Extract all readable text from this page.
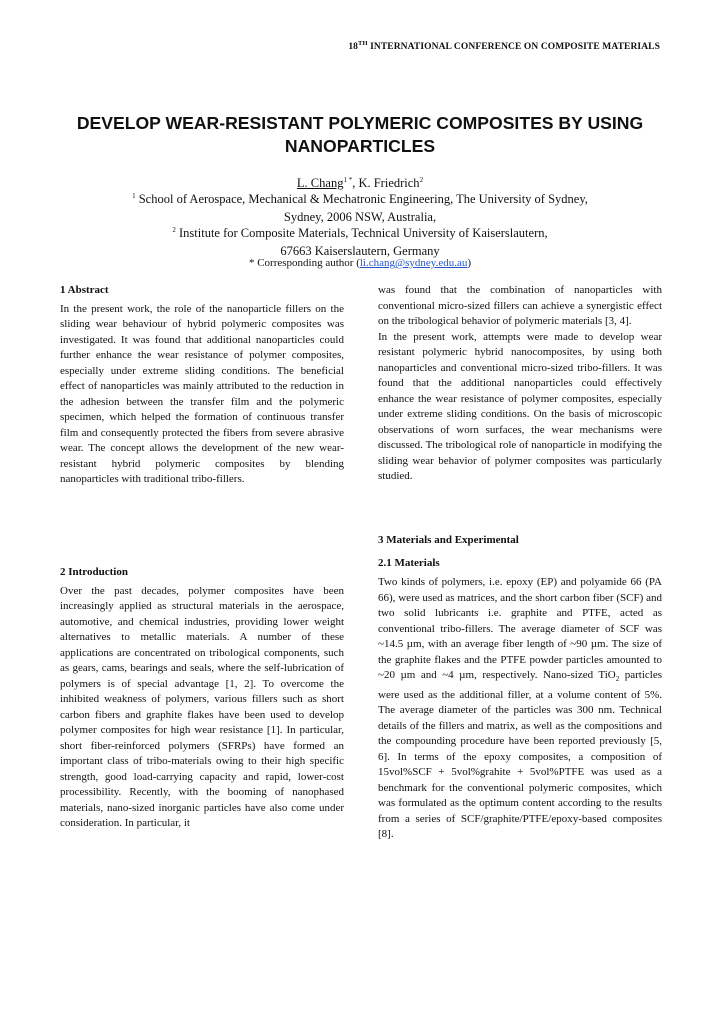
18TH INTERNATIONAL CONFERENCE ON COMPOSITE MATERIALS
DEVELOP WEAR-RESISTANT POLYMERIC COMPOSITES BY USING NANOPARTICLES
L. Chang$^{1 *}$, K. Friedrich$^2$
$^1$ School of Aerospace, Mechanical & Mechatronic Engineering, The University of Sydney,
Sydney, 2006 NSW, Australia,
$^2$ Institute for Composite Materials, Technical University of Kaiserslautern,
67663 Kaiserslautern, Germany
* Corresponding author (li.chang@sydney.edu.au)

1 Abstract

In the present work, the role of the nanoparticle fillers on the sliding wear behaviour of hybrid polymeric composites was investigated. It was found that additional nanoparticles could further enhance the wear resistance of polymer composites, especially under extreme sliding conditions. The beneficial effect of nanoparticles was mainly attributed to the reduction in the adhesion between the transfer film and the polymeric specimen, which helped the formation of continuous transfer film and consequently protected the fibers from severe abrasive wear. The concept allows the development of the new wear-resistant hybrid polymeric composites by blending nanoparticles with traditional tribo-fillers.

2 Introduction

Over the past decades, polymer composites have been increasingly applied as structural materials in the aerospace, automotive, and chemical industries, providing lower weight alternatives to metallic materials. A number of these applications are concentrated on tribological components, such as gears, cams, bearings and seals, where the self-lubrication of polymers is of special advantage [1, 2]. To overcome the inhibited weakness of polymers, various fillers such as short carbon fibers and graphite flakes have been used to develop polymer composites for high wear resistance [1]. In particular, short fiber-reinforced polymers (SFRPs) have formed an important class of tribo-materials owing to their high specific strength, good load-carrying capacity and rapid, lower-cost processibility. Recently, with the booming of nanophased materials, nano-sized inorganic particles have also come under consideration. In particular, it

was found that the combination of nanoparticles with conventional micro-sized fillers can achieve a synergistic effect on the tribological behavior of polymeric materials [3, 4].

In the present work, attempts were made to develop wear resistant polymeric hybrid nanocomposites, by using both nanoparticles and conventional micro-sized tribo-fillers. It was found that the additional nanoparticles could effectively enhance the wear resistance of polymer composites, especially under extreme sliding conditions. On the basis of microscopic observations of worn surfaces, the wear mechanisms were discussed. The tribological role of nanoparticle in modifying the sliding wear behavior of polymer composites was particularly studied.

3 Materials and Experimental

2.1 Materials

Two kinds of polymers, i.e. epoxy (EP) and polyamide 66 (PA 66), were used as matrices, and the short carbon fiber (SCF) and two solid lubricants i.e. graphite and PTFE, acted as conventional tribo-fillers. The average diameter of SCF was ~14.5 µm, with an average fiber length of ~90 µm. The size of the graphite flakes and the PTFE powder particles amounted to ~20 µm and ~4 µm, respectively. Nano-sized TiO$_2$ particles were used as the additional filler, at a volume content of 5%. The average diameter of the particles was 300 nm. Technical details of the fillers and matrix, as well as the compositions and the compounding procedure have been reported previously [5, 6]. In terms of the epoxy composites, a composition of 15vol%SCF + 5vol%grahite + 5vol%PTFE was used as a benchmark for the conventional polymeric composites, which was formulated as the optimum content according to the results from a series of SCF/graphite/PTFE/epoxy-based composites [8].
